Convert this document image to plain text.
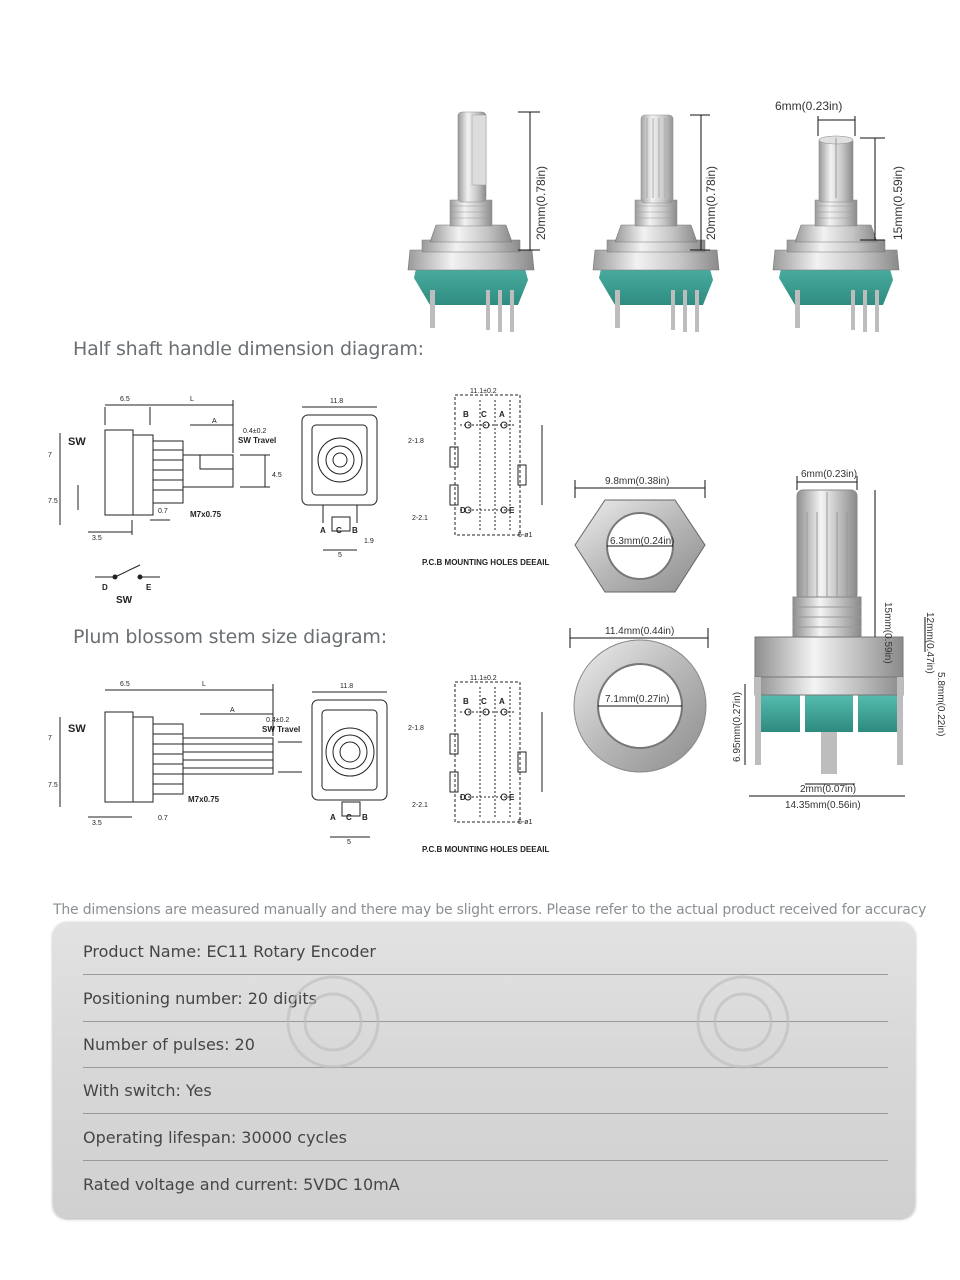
20mm(0.78in)	20mm(0.78in)
6mm(0.23in)
15mm(0.59in)
Half shaft handle dimension diagram:
Plum blossom stem size diagram:
SW
6.5	L
A
0.4±0.2
SW Travel
M7x0.75
3.5
0.7
7
7.5
4.5
11.8
A C B
5
1.9
11.1±0.2
B C A
D	E
2-1.8
2-2.1
5-ø1
P.C.B MOUNTING HOLES DEEAIL
D	E
SW
SW
6.5	L
A
0.4±0.2
SW Travel
M7x0.75
3.5
0.7
7
7.5
11.8
A C B
5
11.1±0.2
B C A
D	E
2-1.8
2-2.1
5-ø1
P.C.B MOUNTING HOLES DEEAIL
9.8mm(0.38in)
6.3mm(0.24in)
11.4mm(0.44in)
7.1mm(0.27in)
6mm(0.23in)
15mm(0.59in)	12mm(0.47in)
5.8mm(0.22in)
6.95mm(0.27in)
2mm(0.07in)
14.35mm(0.56in)
The dimensions are measured manually and there may be slight errors. Please refer to the actual product received for accuracy
Product Name: EC11 Rotary Encoder
Positioning number: 20 digits
Number of pulses: 20
With switch: Yes
Operating lifespan: 30000 cycles
Rated voltage and current: 5VDC 10mA
